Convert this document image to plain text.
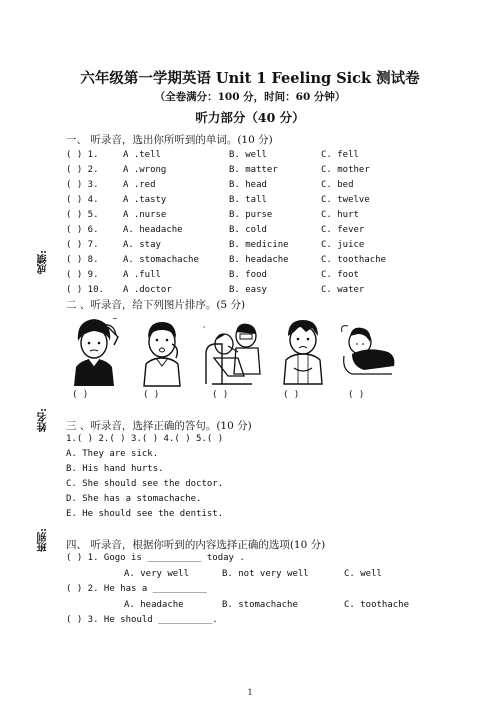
六年级第一学期英语 Unit 1 Feeling Sick 测试卷
（全卷满分：100 分，时间：60 分钟）
听力部分（40 分）
成绩:
姓名:
班别:
一、 听录音，选出你所听到的单词。(10 分)
( ) 1.	A .tell	B. well	C. fell
( ) 2.	A .wrong	B. matter	C. mother
( ) 3.	A .red	B. head	C. bed
( ) 4.	A .tasty	B. tall	C. twelve
( ) 5.	A .nurse	B. purse	C. hurt
( ) 6.	A. headache	B. cold	C. fever
( ) 7.	A. stay	B. medicine	C. juice
( ) 8.	A. stomachache	B. headache	C. toothache
( ) 9.	A .full	B. food	C. foot
( ) 10. A .doctor	B. easy	C. water
二 、听录音，给下列图片排序。(5 分)
~	¸
( )	( )	( )	( )	( )
三 、听录音，选择正确的答句。(10 分)
1.( ) 2.( ) 3.( ) 4.( ) 5.( )
A. They are sick.
B. His hand hurts.
C. She should see the doctor.
D. She has a stomachache.
E. He should see the dentist.
四、 听录音，根据你听到的内容选择正确的选项(10 分)
( ) 1. Gogo is __________ today .
A. very well	B. not very well	C. well
( ) 2. He has a __________
A. headache	B. stomachache	C. toothache
( ) 3. He should __________.
1
